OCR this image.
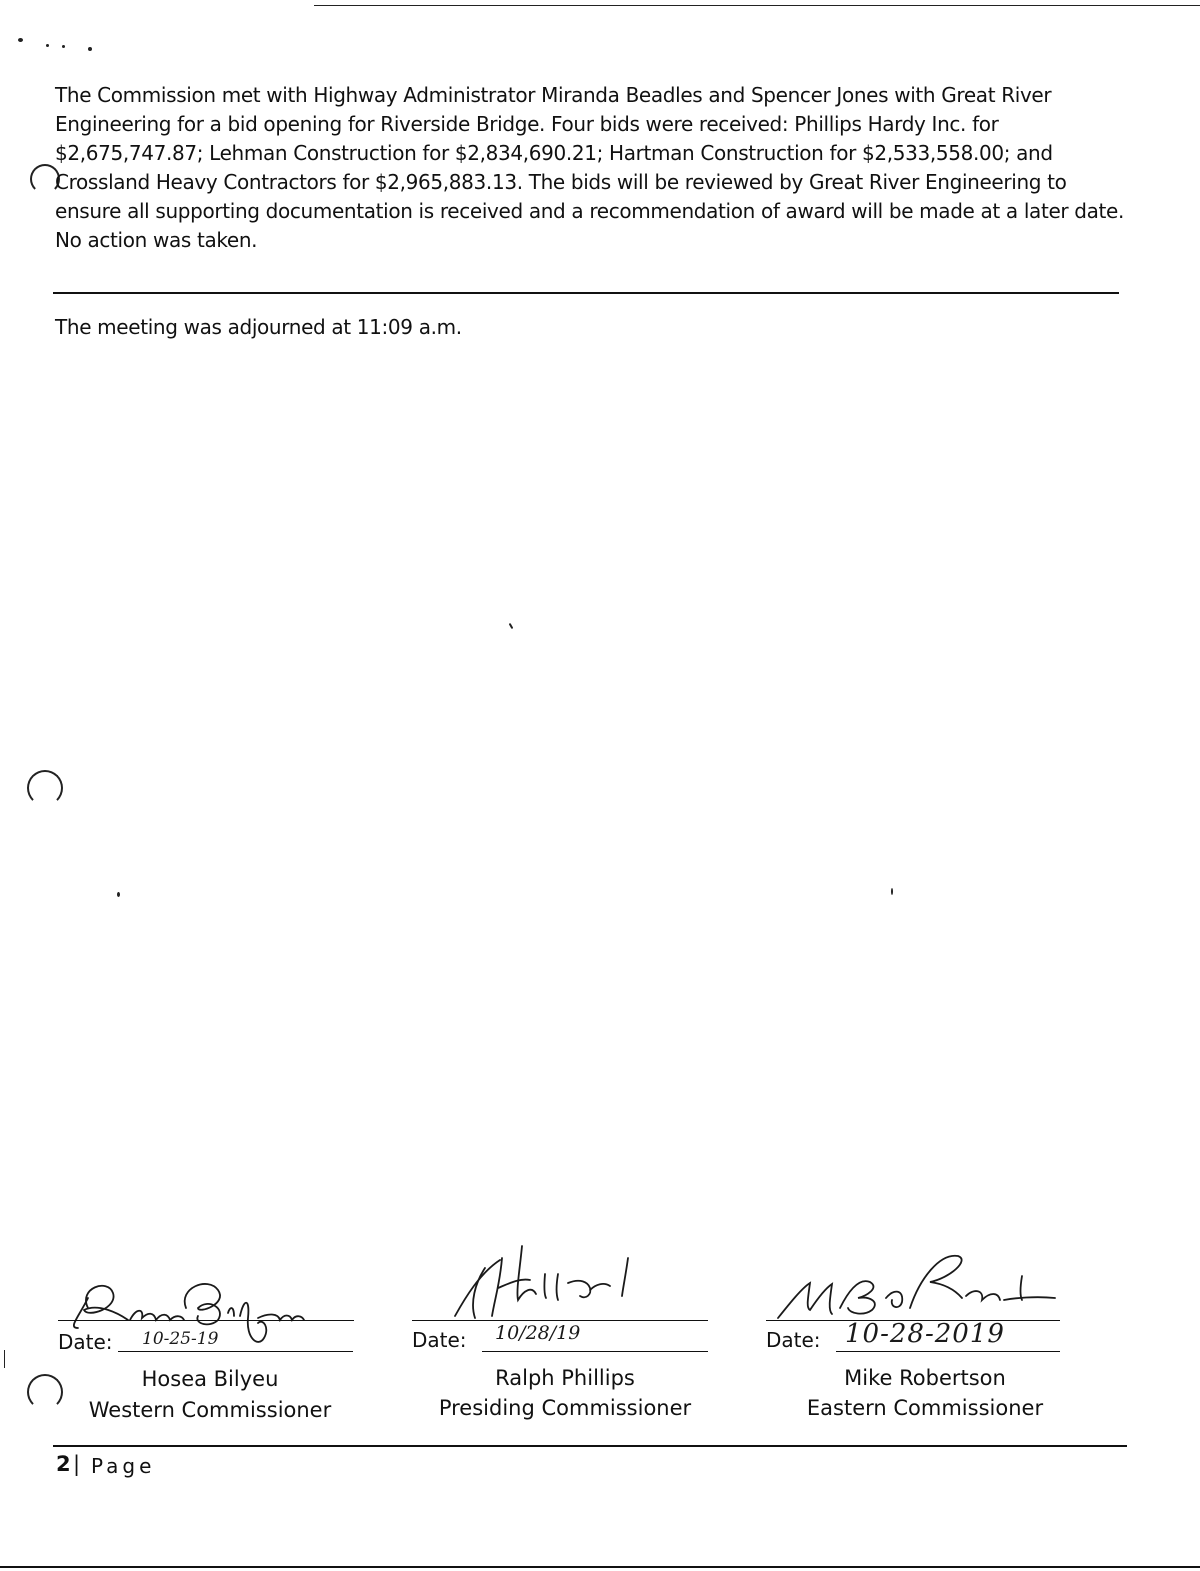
The Commission met with Highway Administrator Miranda Beadles and Spencer Jones with Great River Engineering for a bid opening for Riverside Bridge. Four bids were received: Phillips Hardy Inc. for $2,675,747.87; Lehman Construction for $2,834,690.21; Hartman Construction for $2,533,558.00; and Crossland Heavy Contractors for $2,965,883.13. The bids will be reviewed by Great River Engineering to ensure all supporting documentation is received and a recommendation of award will be made at a later date. No action was taken.
The meeting was adjourned at 11:09 a.m.
Date: 10-25-19
Hosea Bilyeu
Western Commissioner
Date: 10/28/19
Ralph Phillips
Presiding Commissioner
Date: 10-28-2019
Mike Robertson
Eastern Commissioner
2 | Page
